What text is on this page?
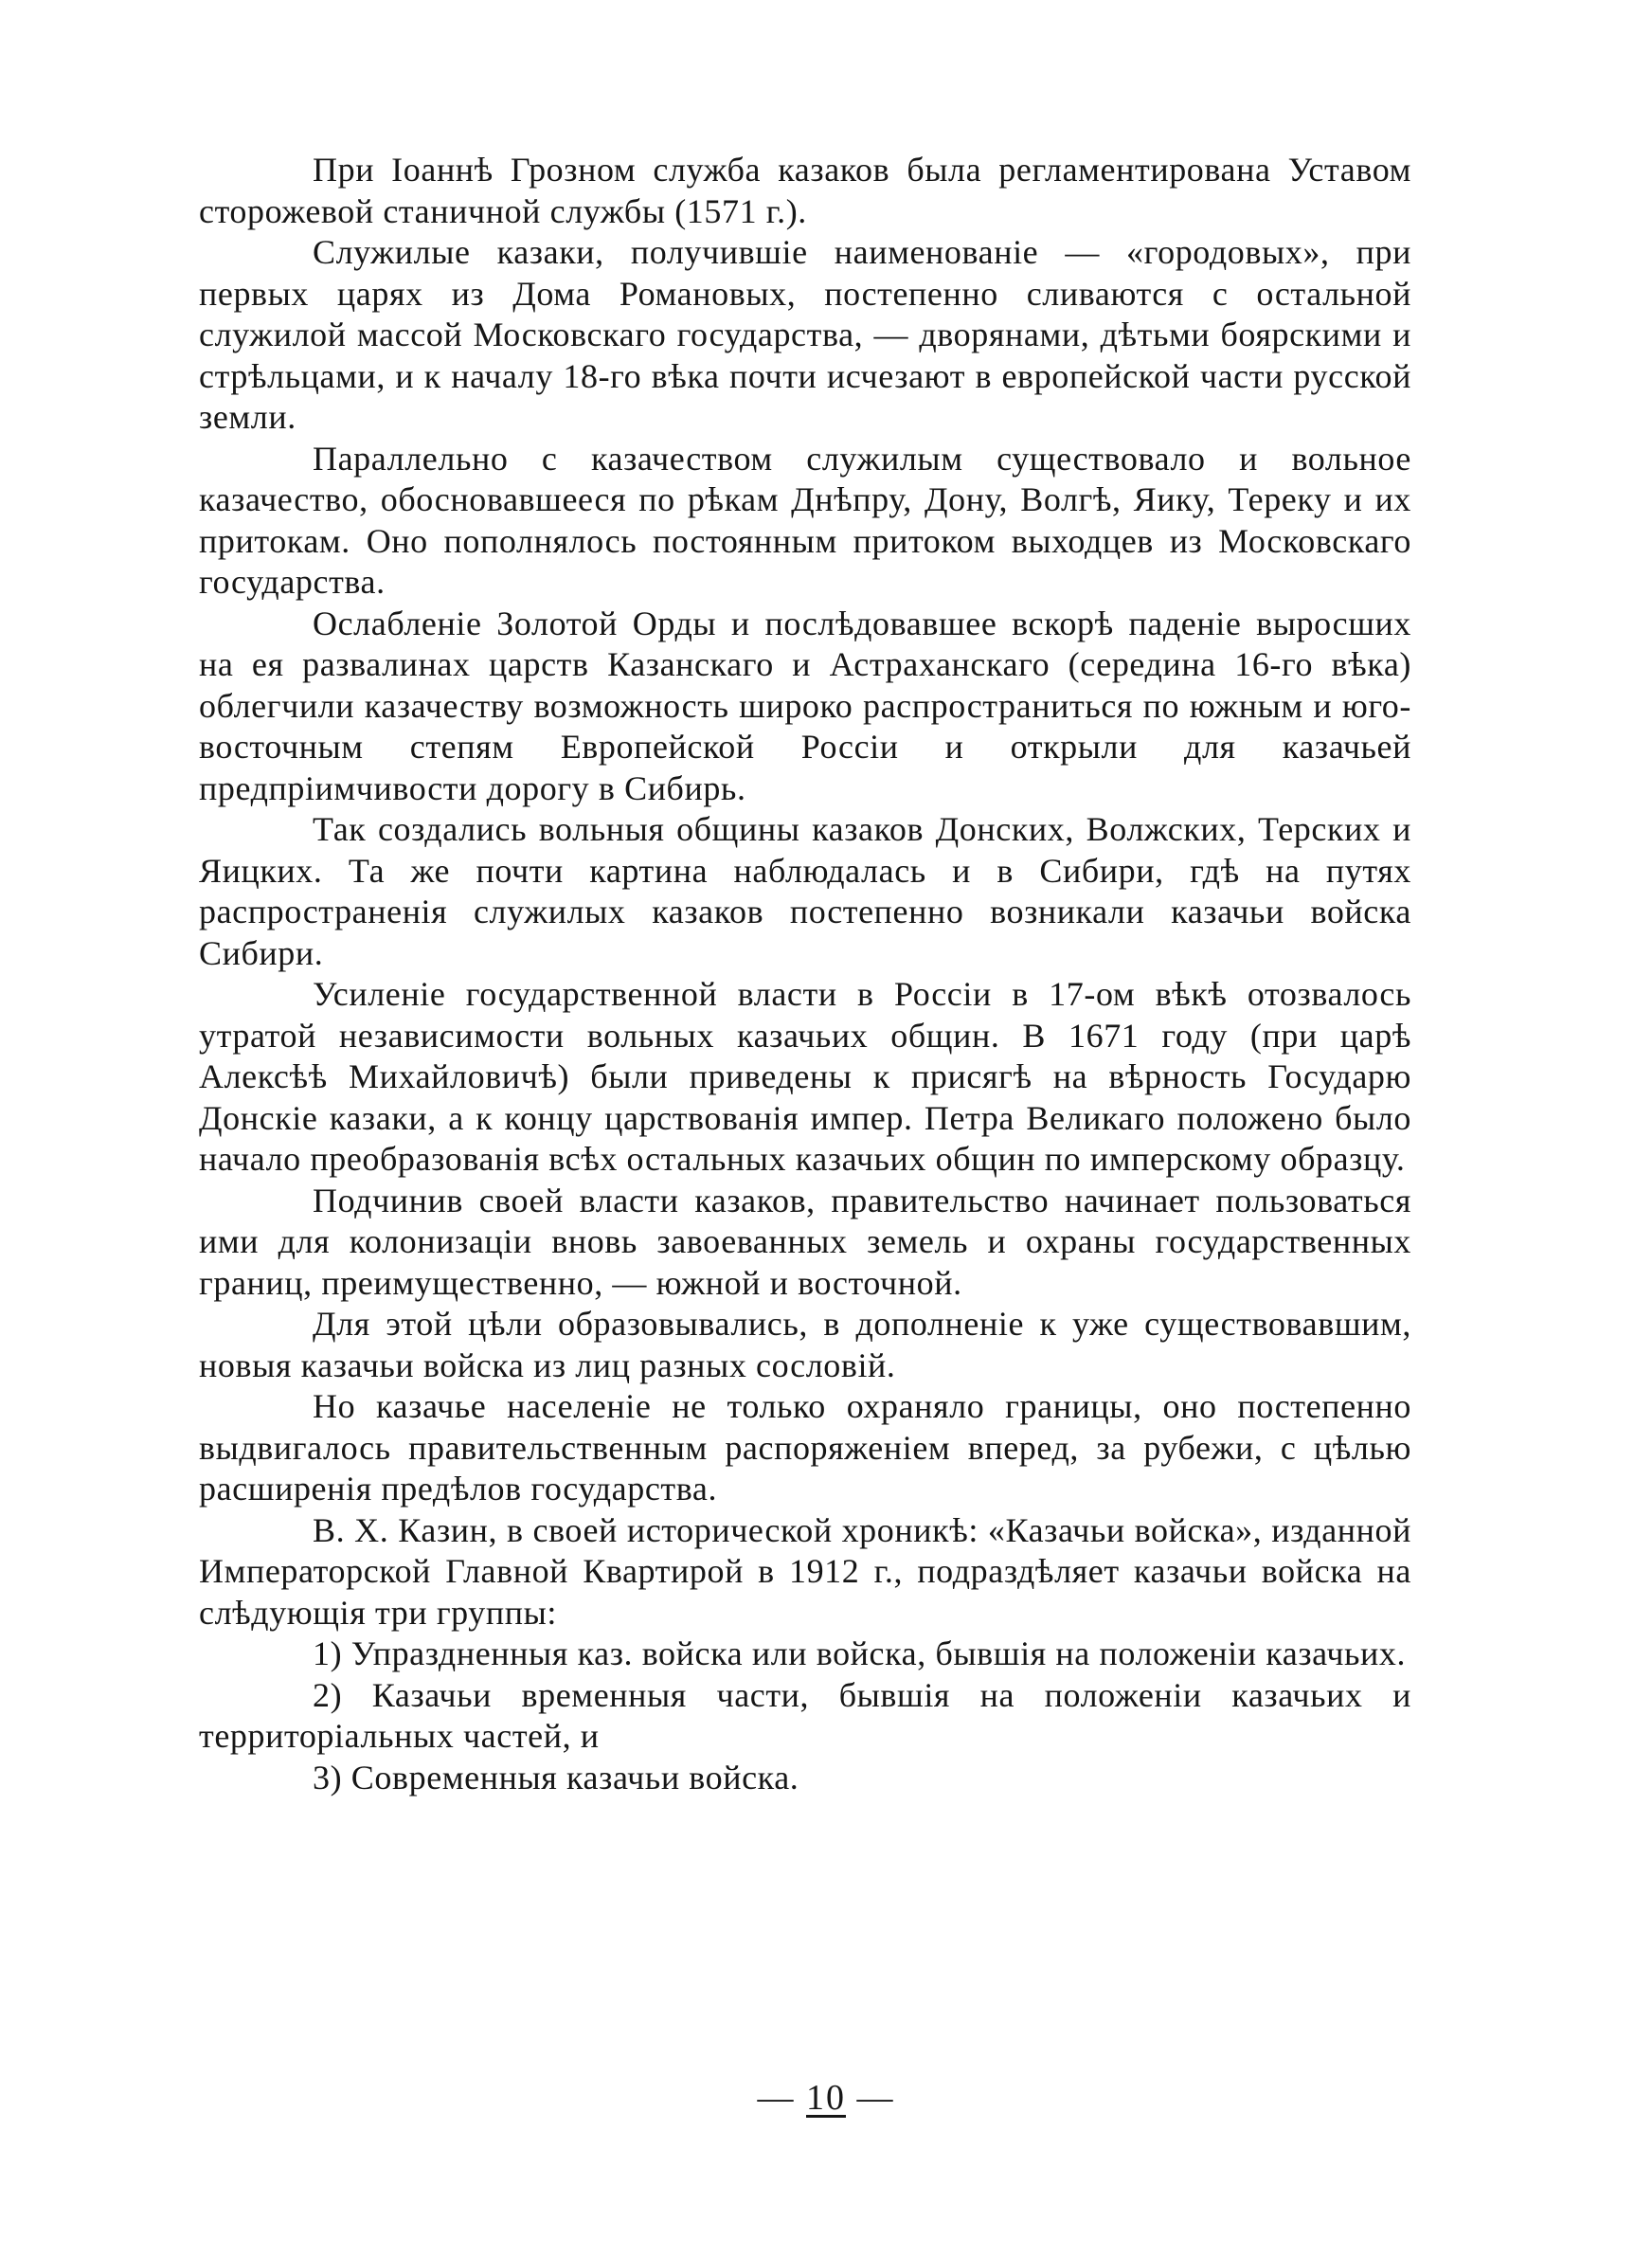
При Іоаннѣ Грозном служба казаков была регламентирована Уставом сторожевой станичной службы (1571 г.).

Служилые казаки, получившіе наименованіе — «городовых», при первых царях из Дома Романовых, постепенно сливаются с остальной служилой массой Московскаго государства, — дворянами, дѣтьми боярскими и стрѣльцами, и к началу 18-го вѣка почти исчезают в европейской части русской земли.

Параллельно с казачеством служилым существовало и вольное казачество, обосновавшееся по рѣкам Днѣпру, Дону, Волгѣ, Яику, Тереку и их притокам. Оно пополнялось постоянным притоком выходцев из Московскаго государства.

Ослабленіе Золотой Орды и послѣдовавшее вскорѣ паденіе выросших на ея развалинах царств Казанскаго и Астраханскаго (середина 16-го вѣка) облегчили казачеству возможность широко распространиться по южным и юго-восточным степям Европейской Россіи и открыли для казачьей предпріимчивости дорогу в Сибирь.

Так создались вольныя общины казаков Донских, Волжских, Терских и Яицких. Та же почти картина наблюдалась и в Сибири, гдѣ на путях распространенія служилых казаков постепенно возникали казачьи войска Сибири.

Усиленіе государственной власти в Россіи в 17-ом вѣкѣ отозвалось утратой независимости вольных казачьих общин. В 1671 году (при царѣ Алексѣѣ Михайловичѣ) были приведены к присягѣ на вѣрность Государю Донскіе казаки, а к концу царствованія импер. Петра Великаго положено было начало преобразованія всѣх остальных казачьих общин по имперскому образцу.

Подчинив своей власти казаков, правительство начинает пользоваться ими для колонизаціи вновь завоеванных земель и охраны государственных границ, преимущественно, — южной и восточной.

Для этой цѣли образовывались, в дополненіе к уже существовавшим, новыя казачьи войска из лиц разных сословій.

Но казачье населеніе не только охраняло границы, оно постепенно выдвигалось правительственным распоряженіем вперед, за рубежи, с цѣлью расширенія предѣлов государства.

В. Х. Казин, в своей исторической хроникѣ: «Казачьи войска», изданной Императорской Главной Квартирой в 1912 г., подраздѣляет казачьи войска на слѣдующія три группы:

1) Упраздненныя каз. войска или войска, бывшія на положеніи казачьих.

2) Казачьи временныя части, бывшія на положеніи казачьих и территоріальных частей, и

3) Современныя казачьи войска.

— 10 —
